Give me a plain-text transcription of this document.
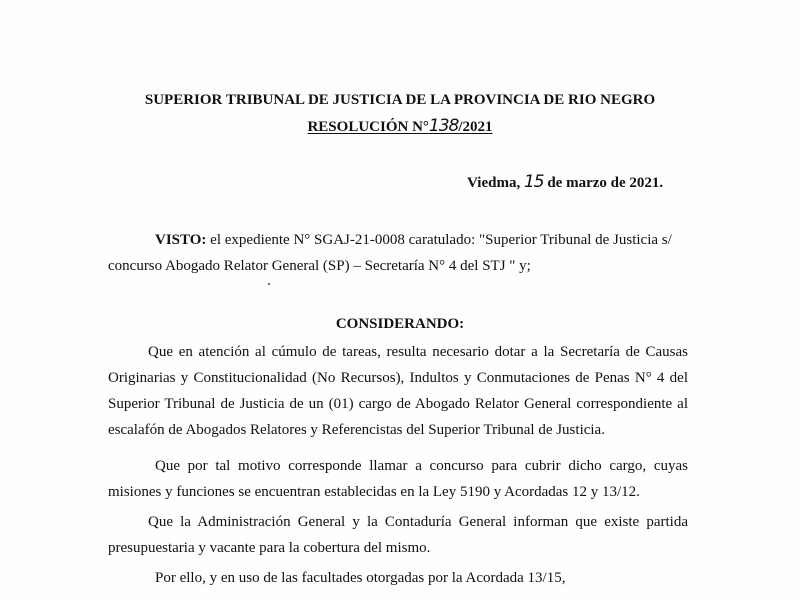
SUPERIOR TRIBUNAL DE JUSTICIA DE LA PROVINCIA DE RIO NEGRO
RESOLUCIÓN N°138/2021
Viedma, 15 de marzo de 2021.
VISTO: el expediente N° SGAJ-21-0008 caratulado: "Superior Tribunal de Justicia s/
concurso Abogado Relator General (SP) – Secretaría N° 4 del STJ " y;
CONSIDERANDO:
Que en atención al cúmulo de tareas, resulta necesario dotar a la Secretaría de Causas
Originarias y Constitucionalidad (No Recursos), Indultos y Conmutaciones de Penas N° 4 del
Superior Tribunal de Justicia de un (01) cargo de Abogado Relator General correspondiente al
escalafón de Abogados Relatores y Referencistas del Superior Tribunal de Justicia.
Que por tal motivo corresponde llamar a concurso para cubrir dicho cargo, cuyas
misiones y funciones se encuentran establecidas en la Ley 5190 y Acordadas 12 y 13/12.
Que la Administración General y la Contaduría General informan que existe partida
presupuestaria y vacante para la cobertura del mismo.
Por ello, y en uso de las facultades otorgadas por la Acordada 13/15,
